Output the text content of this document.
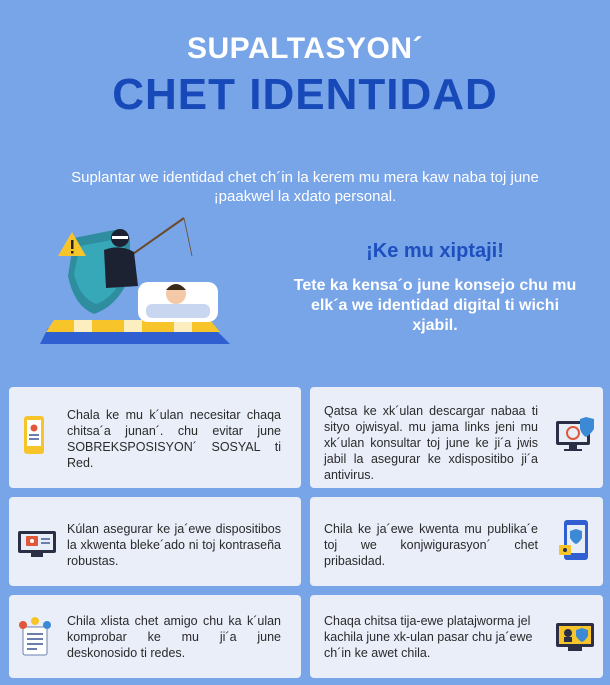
SUPALTASYON´
CHET IDENTIDAD
Suplantar we identidad chet ch´in la kerem mu mera kaw naba toj june ¡paakwel la xdato personal.
¡Ke mu xiptaji!
Tete ka kensa´o june konsejo chu mu elk´a we identidad digital ti wichi xjabil.
Chala ke mu k´ulan necesitar chaqa chitsa´a junan´. chu evitar june SOBREKSPOSISYON´ SOSYAL ti Red.
Qatsa ke xk´ulan descargar nabaa ti sityo ojwisyal. mu jama links jeni mu xk´ulan konsultar toj june ke ji´a jwis jabil la asegurar ke xdispositibo ji´a antivirus.
Kúlan asegurar ke ja´ewe dispositibos la xkwenta bleke´ado ni toj kontraseña robustas.
Chila ke ja´ewe kwenta mu publika´e toj we konjwigurasyon´ chet pribasidad.
Chila xlista chet amigo chu ka k´ulan komprobar ke mu ji´a june deskonosido ti redes.
Chaqa chitsa tija-ewe platajworma jel kachila june xk-ulan pasar chu ja´ewe ch´in ke awet chila.
